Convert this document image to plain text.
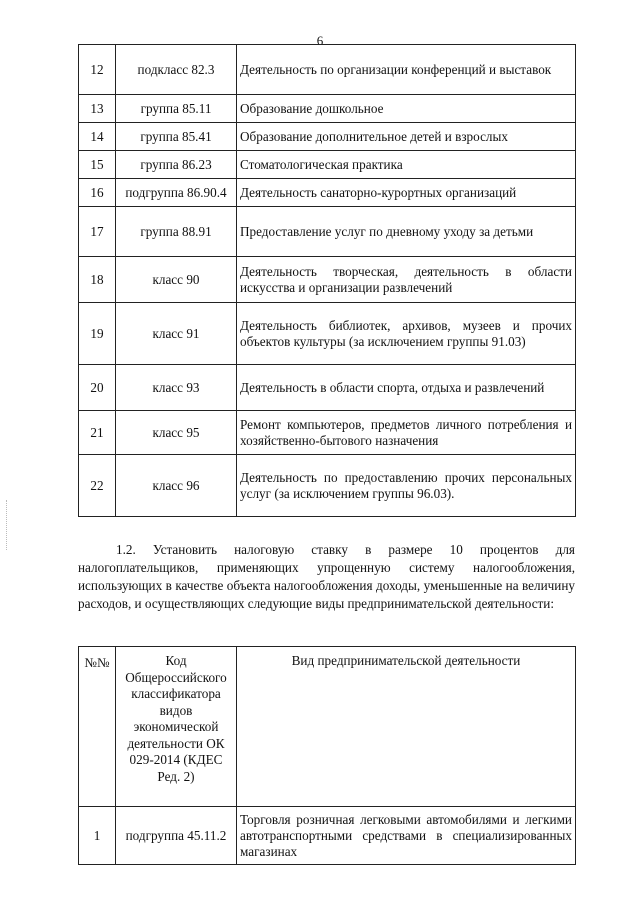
6
12	подкласс 82.3	Деятельность по организации конференций и выставок
13	группа 85.11	Образование дошкольное
14	группа 85.41	Образование дополнительное детей и взрослых
15	группа 86.23	Стоматологическая практика
16	подгруппа 86.90.4	Деятельность санаторно-курортных организаций
17	группа 88.91	Предоставление услуг по дневному уходу за детьми
18	класс 90	Деятельность творческая, деятельность в области искусства и организации развлечений
19	класс 91	Деятельность библиотек, архивов, музеев и прочих объектов культуры (за исключением группы 91.03)
20	класс 93	Деятельность в области спорта, отдыха и развлечений
21	класс 95	Ремонт компьютеров, предметов личного потребления и хозяйственно-бытового назначения
22	класс 96	Деятельность по предоставлению прочих персональных услуг (за исключением группы 96.03).
1.2. Установить налоговую ставку в размере 10 процентов для налогоплательщиков, применяющих упрощенную систему налогообложения, использующих в качестве объекта налогообложения доходы, уменьшенные на величину расходов, и осуществляющих следующие виды предпринимательской деятельности:
№№	Код Общероссийского классификатора видов экономической деятельности ОК 029-2014 (КДЕС Ред. 2)	Вид предпринимательской деятельности
1	подгруппа 45.11.2	Торговля розничная легковыми автомобилями и легкими автотранспортными средствами в специализированных магазинах
